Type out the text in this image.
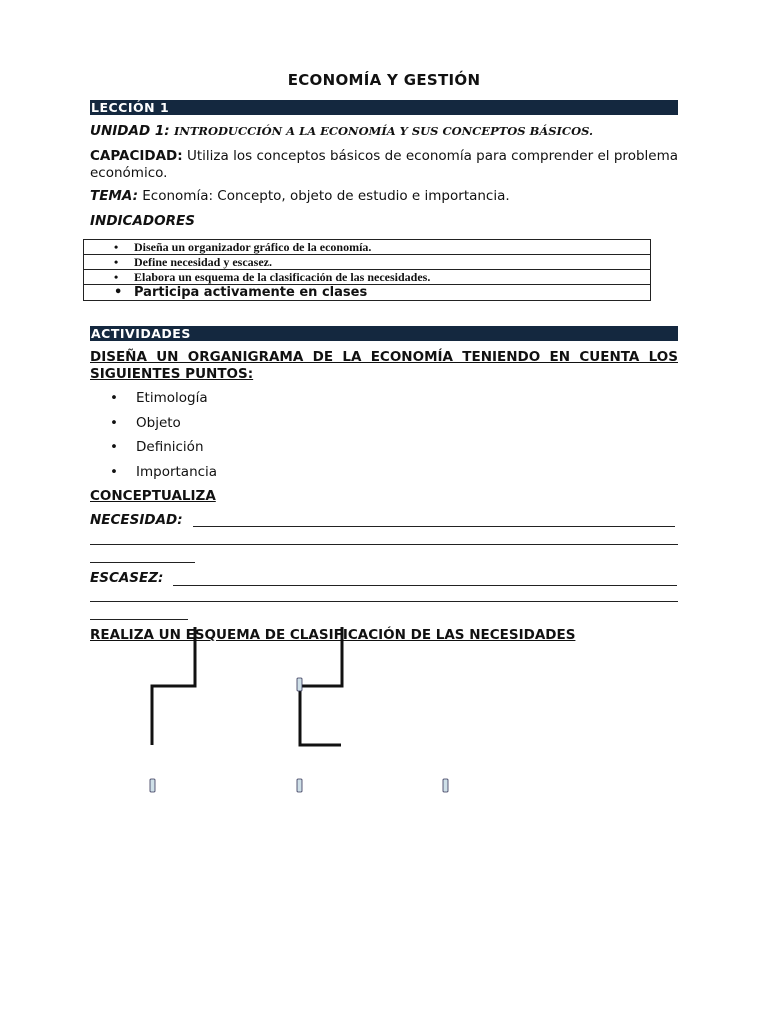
ECONOMÍA Y GESTIÓN
LECCIÓN 1
UNIDAD 1: INTRODUCCIÓN A LA ECONOMÍA Y SUS CONCEPTOS BÁSICOS.
CAPACIDAD: Utiliza los conceptos básicos de economía para comprender el problema económico.
TEMA: Economía: Concepto, objeto de estudio e importancia.
INDICADORES
• Diseña un organizador gráfico de la economía.
• Define necesidad y escasez.
• Elabora un esquema de la clasificación de las necesidades.
• Participa activamente en clases
ACTIVIDADES
DISEÑA UN ORGANIGRAMA DE LA ECONOMÍA TENIENDO EN CUENTA LOS SIGUIENTES PUNTOS:
• Etimología
• Objeto
• Definición
• Importancia
CONCEPTUALIZA
NECESIDAD:
ESCASEZ:
REALIZA UN ESQUEMA DE CLASIFICACIÓN DE LAS NECESIDADES
